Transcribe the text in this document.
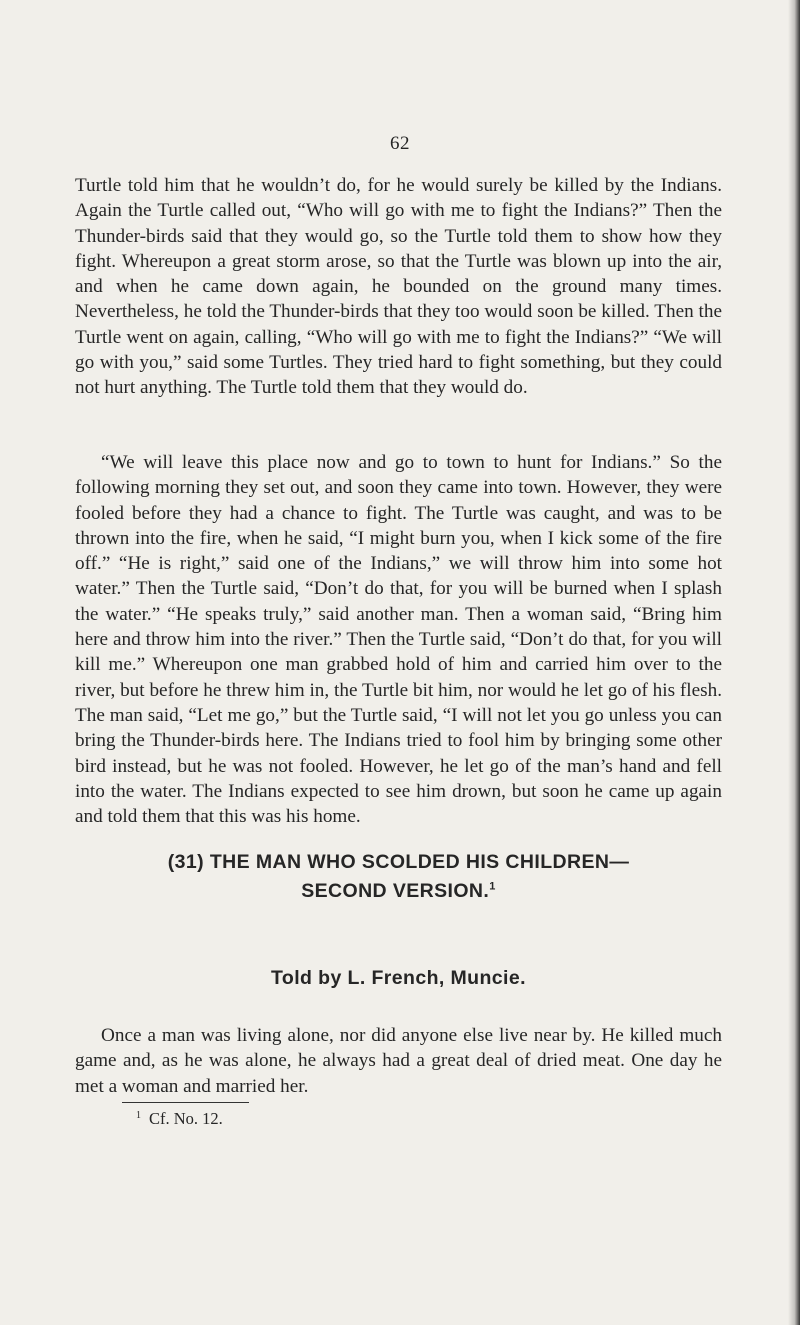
62

Turtle told him that he wouldn’t do, for he would surely be killed by the Indians. Again the Turtle called out, “Who will go with me to fight the Indians?” Then the Thunder-birds said that they would go, so the Turtle told them to show how they fight. Whereupon a great storm arose, so that the Turtle was blown up into the air, and when he came down again, he bounded on the ground many times. Nevertheless, he told the Thunder-birds that they too would soon be killed. Then the Turtle went on again, calling, “Who will go with me to fight the Indians?” “We will go with you,” said some Turtles. They tried hard to fight something, but they could not hurt anything. The Turtle told them that they would do.

“We will leave this place now and go to town to hunt for Indians.” So the following morning they set out, and soon they came into town. However, they were fooled before they had a chance to fight. The Turtle was caught, and was to be thrown into the fire, when he said, “I might burn you, when I kick some of the fire off.” “He is right,” said one of the Indians,” we will throw him into some hot water.” Then the Turtle said, “Don’t do that, for you will be burned when I splash the water.” “He speaks truly,” said another man. Then a woman said, “Bring him here and throw him into the river.” Then the Turtle said, “Don’t do that, for you will kill me.” Whereupon one man grabbed hold of him and carried him over to the river, but before he threw him in, the Turtle bit him, nor would he let go of his flesh. The man said, “Let me go,” but the Turtle said, “I will not let you go unless you can bring the Thunder-birds here. The Indians tried to fool him by bringing some other bird instead, but he was not fooled. However, he let go of the man’s hand and fell into the water. The Indians expected to see him drown, but soon he came up again and told them that this was his home.

(31) THE MAN WHO SCOLDED HIS CHILDREN—
SECOND VERSION.$^1$
Told by L. French, Muncie.

Once a man was living alone, nor did anyone else live near by. He killed much game and, as he was alone, he always had a great deal of dried meat. One day he met a woman and married her.

$^1$ Cf. No. 12.
